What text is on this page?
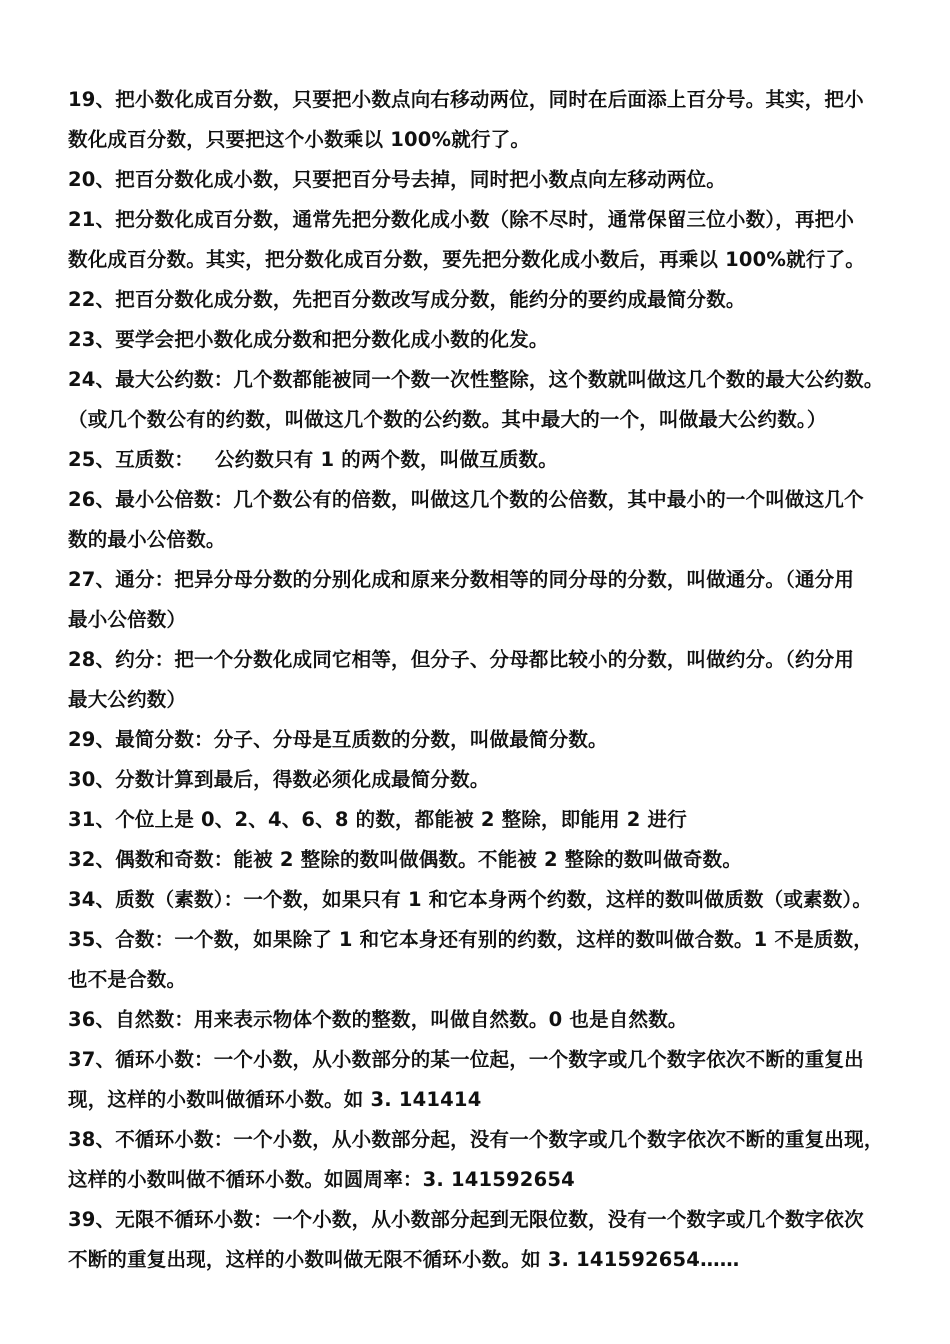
19、把小数化成百分数，只要把小数点向右移动两位，同时在后面添上百分号。其实，把小
数化成百分数，只要把这个小数乘以 100%就行了。
20、把百分数化成小数，只要把百分号去掉，同时把小数点向左移动两位。
21、把分数化成百分数，通常先把分数化成小数（除不尽时，通常保留三位小数），再把小
数化成百分数。其实，把分数化成百分数，要先把分数化成小数后，再乘以 100%就行了。
22、把百分数化成分数，先把百分数改写成分数，能约分的要约成最简分数。
23、要学会把小数化成分数和把分数化成小数的化发。
24、最大公约数：几个数都能被同一个数一次性整除，这个数就叫做这几个数的最大公约数。
（或几个数公有的约数，叫做这几个数的公约数。其中最大的一个，叫做最大公约数。）
25、互质数：   公约数只有 1 的两个数，叫做互质数。
26、最小公倍数：几个数公有的倍数，叫做这几个数的公倍数，其中最小的一个叫做这几个
数的最小公倍数。
27、通分：把异分母分数的分别化成和原来分数相等的同分母的分数，叫做通分。（通分用
最小公倍数）
28、约分：把一个分数化成同它相等，但分子、分母都比较小的分数，叫做约分。（约分用
最大公约数）
29、最简分数：分子、分母是互质数的分数，叫做最简分数。
30、分数计算到最后，得数必须化成最简分数。
31、个位上是 0、2、4、6、8 的数，都能被 2 整除，即能用 2 进行
32、偶数和奇数：能被 2 整除的数叫做偶数。不能被 2 整除的数叫做奇数。
34、质数（素数）：一个数，如果只有 1 和它本身两个约数，这样的数叫做质数（或素数）。
35、合数：一个数，如果除了 1 和它本身还有别的约数，这样的数叫做合数。1 不是质数，
也不是合数。
36、自然数：用来表示物体个数的整数，叫做自然数。0 也是自然数。
37、循环小数：一个小数，从小数部分的某一位起，一个数字或几个数字依次不断的重复出
现，这样的小数叫做循环小数。如 3. 141414
38、不循环小数：一个小数，从小数部分起，没有一个数字或几个数字依次不断的重复出现，
这样的小数叫做不循环小数。如圆周率：3. 141592654
39、无限不循环小数：一个小数，从小数部分起到无限位数，没有一个数字或几个数字依次
不断的重复出现，这样的小数叫做无限不循环小数。如 3. 141592654……
